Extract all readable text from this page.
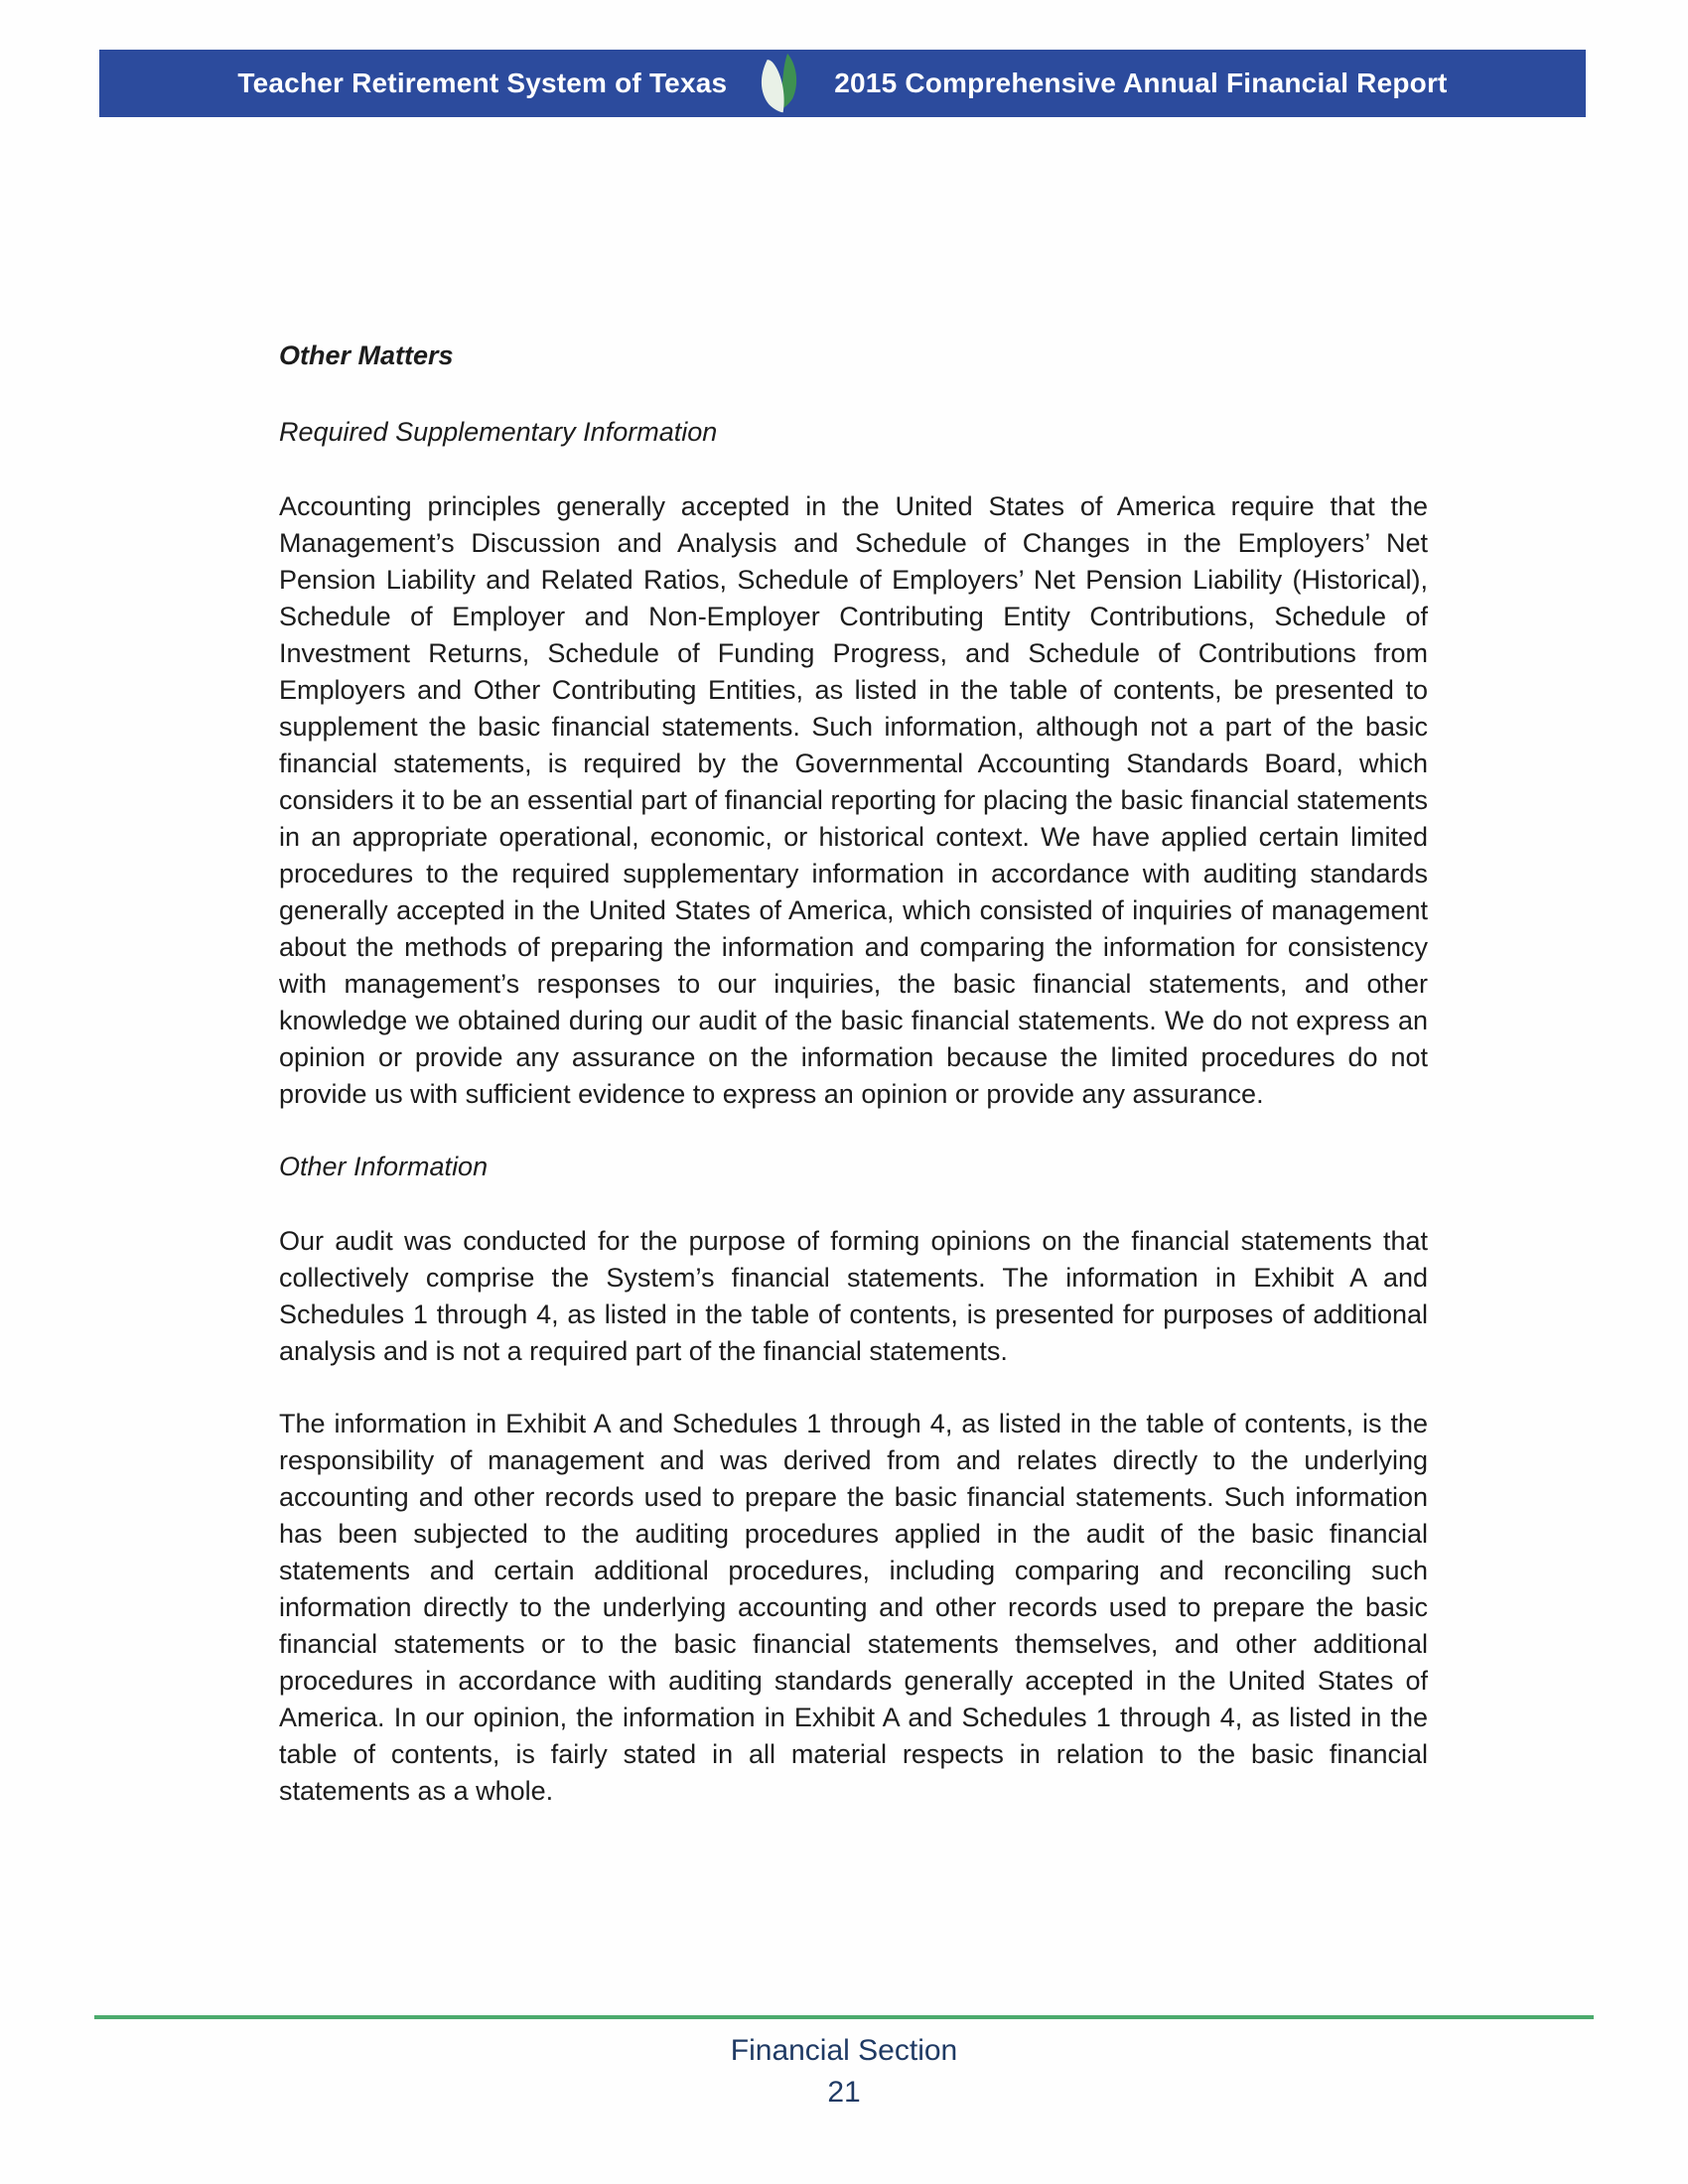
Teacher Retirement System of Texas	2015 Comprehensive Annual Financial Report
Other Matters
Required Supplementary Information

Accounting principles generally accepted in the United States of America require that the Management’s Discussion and Analysis and Schedule of Changes in the Employers’ Net Pension Liability and Related Ratios, Schedule of Employers’ Net Pension Liability (Historical), Schedule of Employer and Non-Employer Contributing Entity Contributions, Schedule of Investment Returns, Schedule of Funding Progress, and Schedule of Contributions from Employers and Other Contributing Entities, as listed in the table of contents, be presented to supplement the basic financial statements. Such information, although not a part of the basic financial statements, is required by the Governmental Accounting Standards Board, which considers it to be an essential part of financial reporting for placing the basic financial statements in an appropriate operational, economic, or historical context. We have applied certain limited procedures to the required supplementary information in accordance with auditing standards generally accepted in the United States of America, which consisted of inquiries of management about the methods of preparing the information and comparing the information for consistency with management’s responses to our inquiries, the basic financial statements, and other knowledge we obtained during our audit of the basic financial statements. We do not express an opinion or provide any assurance on the information because the limited procedures do not provide us with sufficient evidence to express an opinion or provide any assurance.

Other Information

Our audit was conducted for the purpose of forming opinions on the financial statements that collectively comprise the System’s financial statements. The information in Exhibit A and Schedules 1 through 4, as listed in the table of contents, is presented for purposes of additional analysis and is not a required part of the financial statements.

The information in Exhibit A and Schedules 1 through 4, as listed in the table of contents, is the responsibility of management and was derived from and relates directly to the underlying accounting and other records used to prepare the basic financial statements. Such information has been subjected to the auditing procedures applied in the audit of the basic financial statements and certain additional procedures, including comparing and reconciling such information directly to the underlying accounting and other records used to prepare the basic financial statements or to the basic financial statements themselves, and other additional procedures in accordance with auditing standards generally accepted in the United States of America. In our opinion, the information in Exhibit A and Schedules 1 through 4, as listed in the table of contents, is fairly stated in all material respects in relation to the basic financial statements as a whole.

Financial Section
21
